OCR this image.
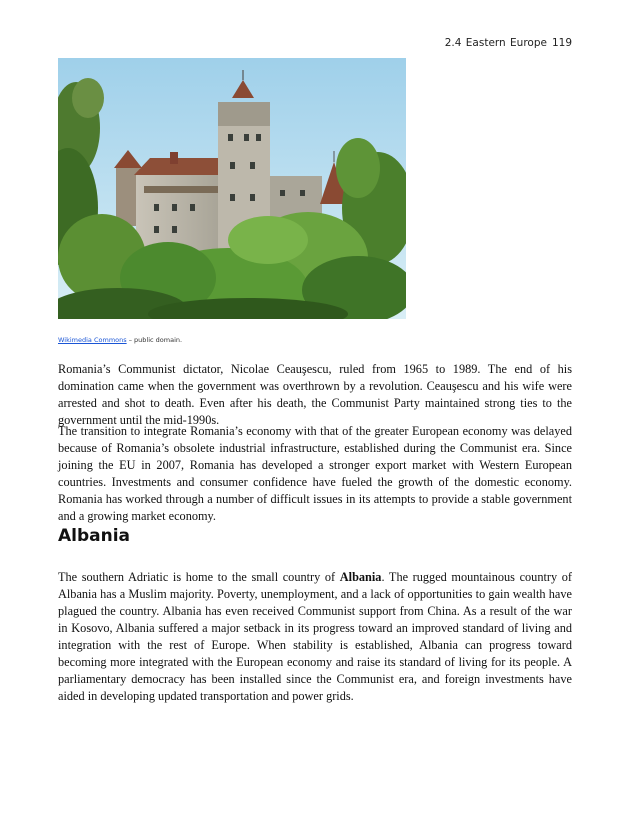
2.4 Eastern Europe 119
Wikimedia Commons – public domain.

Romania’s Communist dictator, Nicolae Ceauşescu, ruled from 1965 to 1989. The end of his domination came when the government was overthrown by a revolution. Ceauşescu and his wife were arrested and shot to death. Even after his death, the Communist Party maintained strong ties to the government until the mid-1990s.

The transition to integrate Romania’s economy with that of the greater European economy was delayed because of Romania’s obsolete industrial infrastructure, established during the Communist era. Since joining the EU in 2007, Romania has developed a stronger export market with Western European countries. Investments and consumer confidence have fueled the growth of the domestic economy. Romania has worked through a number of difficult issues in its attempts to provide a stable government and a growing market economy.

Albania

The southern Adriatic is home to the small country of Albania. The rugged mountainous country of Albania has a Muslim majority. Poverty, unemployment, and a lack of opportunities to gain wealth have plagued the country. Albania has even received Communist support from China. As a result of the war in Kosovo, Albania suffered a major setback in its progress toward an improved standard of living and integration with the rest of Europe. When stability is established, Albania can progress toward becoming more integrated with the European economy and raise its standard of living for its people. A parliamentary democracy has been installed since the Communist era, and foreign investments have aided in developing updated transportation and power grids.
